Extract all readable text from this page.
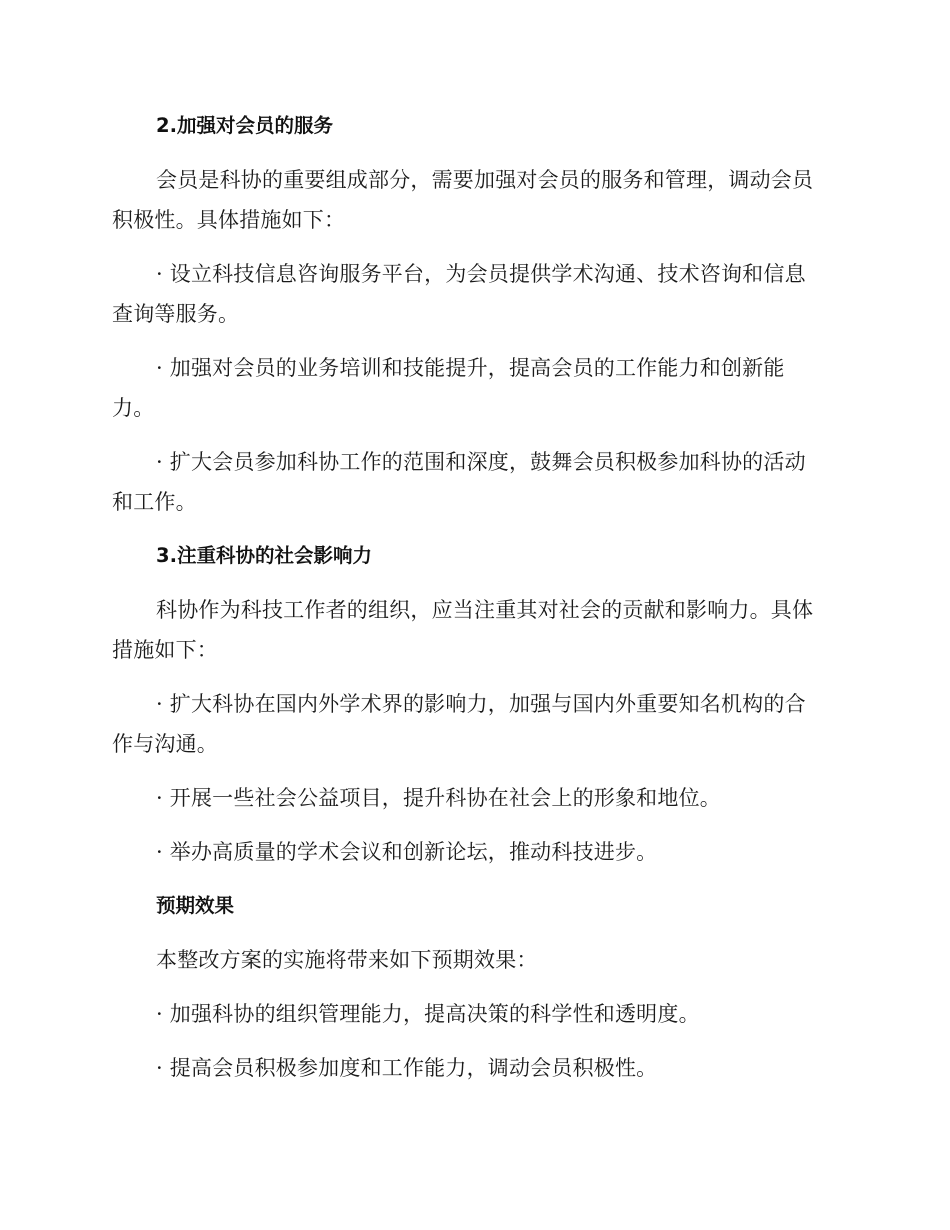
2.加强对会员的服务

会员是科协的重要组成部分，需要加强对会员的服务和管理，调动会员积极性。具体措施如下：

· 设立科技信息咨询服务平台，为会员提供学术沟通、技术咨询和信息查询等服务。

· 加强对会员的业务培训和技能提升，提高会员的工作能力和创新能力。

· 扩大会员参加科协工作的范围和深度，鼓舞会员积极参加科协的活动和工作。

3.注重科协的社会影响力

科协作为科技工作者的组织，应当注重其对社会的贡献和影响力。具体措施如下：

· 扩大科协在国内外学术界的影响力，加强与国内外重要知名机构的合作与沟通。

· 开展一些社会公益项目，提升科协在社会上的形象和地位。

· 举办高质量的学术会议和创新论坛，推动科技进步。

预期效果

本整改方案的实施将带来如下预期效果：

· 加强科协的组织管理能力，提高决策的科学性和透明度。

· 提高会员积极参加度和工作能力，调动会员积极性。
